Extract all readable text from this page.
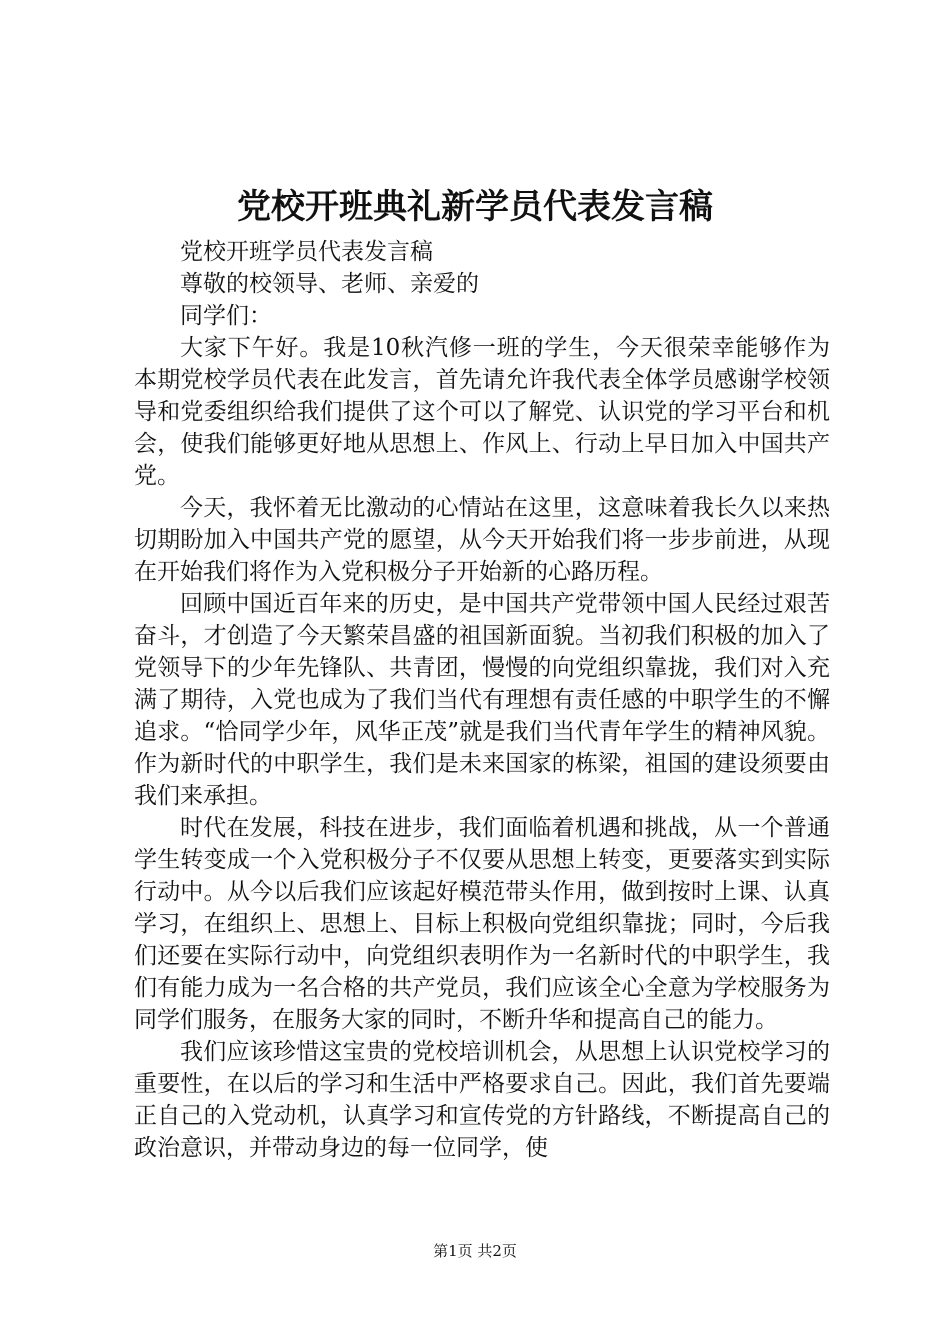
党校开班典礼新学员代表发言稿

党校开班学员代表发言稿

尊敬的校领导、老师、亲爱的

同学们：

大家下午好。我是10秋汽修一班的学生，今天很荣幸能够作为本期党校学员代表在此发言，首先请允许我代表全体学员感谢学校领导和党委组织给我们提供了这个可以了解党、认识党的学习平台和机会，使我们能够更好地从思想上、作风上、行动上早日加入中国共产党。

今天，我怀着无比激动的心情站在这里，这意味着我长久以来热切期盼加入中国共产党的愿望，从今天开始我们将一步步前进，从现在开始我们将作为入党积极分子开始新的心路历程。

回顾中国近百年来的历史，是中国共产党带领中国人民经过艰苦奋斗，才创造了今天繁荣昌盛的祖国新面貌。当初我们积极的加入了党领导下的少年先锋队、共青团，慢慢的向党组织靠拢，我们对入充满了期待，入党也成为了我们当代有理想有责任感的中职学生的不懈追求。“恰同学少年，风华正茂”就是我们当代青年学生的精神风貌。作为新时代的中职学生，我们是未来国家的栋梁，祖国的建设须要由我们来承担。

时代在发展，科技在进步，我们面临着机遇和挑战，从一个普通学生转变成一个入党积极分子不仅要从思想上转变，更要落实到实际行动中。从今以后我们应该起好模范带头作用，做到按时上课、认真学习，在组织上、思想上、目标上积极向党组织靠拢；同时，今后我们还要在实际行动中，向党组织表明作为一名新时代的中职学生，我们有能力成为一名合格的共产党员，我们应该全心全意为学校服务为同学们服务，在服务大家的同时，不断升华和提高自己的能力。

我们应该珍惜这宝贵的党校培训机会，从思想上认识党校学习的重要性，在以后的学习和生活中严格要求自己。因此，我们首先要端正自己的入党动机，认真学习和宣传党的方针路线，不断提高自己的政治意识，并带动身边的每一位同学，使

第1页 共2页
